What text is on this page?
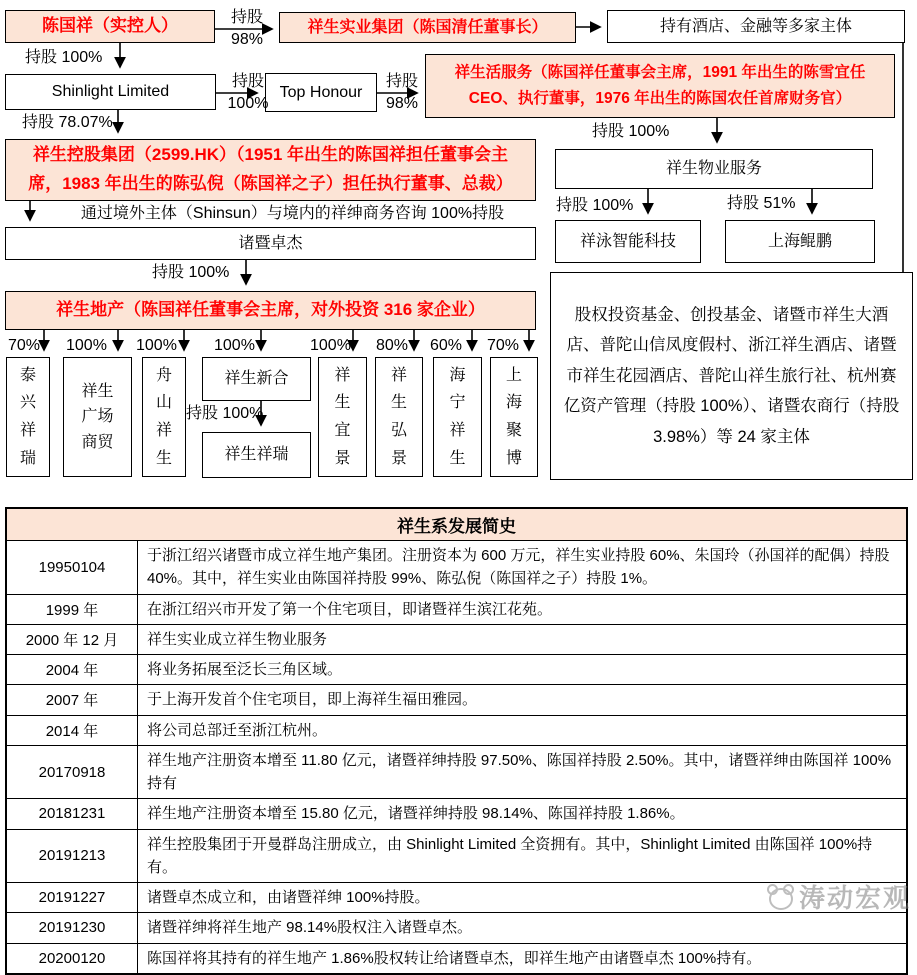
陈国祥（实控人）	持股 98%
祥生实业集团（陈国清任董事长）	持有酒店、金融等多家主体
持股 100%
Shinlight Limited
持股 100%
Top Honour
持股 98%
祥生活服务（陈国祥任董事会主席，1991 年出生的陈雪宜任 CEO、执行董事，1976 年出生的陈国农任首席财务官）
持股 78.07%
祥生控股集团（2599.HK）（1951 年出生的陈国祥担任董事会主席，1983 年出生的陈弘倪（陈国祥之子）担任执行董事、总裁）
通过境外主体（Shinsun）与境内的祥绅商务咨询 100%持股
诸暨卓杰
持股 100%
祥生地产（陈国祥任董事会主席，对外投资 316 家企业）
持股 100%
祥生物业服务
持股 100%	持股 51%
祥泳智能科技	上海鲲鹏
股权投资基金、创投基金、诸暨市祥生大酒店、普陀山信凤度假村、浙江祥生酒店、诸暨市祥生花园酒店、普陀山祥生旅行社、杭州赛亿资产管理（持股 100%）、诸暨农商行（持股 3.98%）等 24 家主体
70% 100% 100% 100%	100% 80% 60% 70%
泰兴祥瑞
祥生广场商贸
舟山祥生
祥生新合
持股 100%
祥生祥瑞
祥生宜景
祥生弘景
海宁祥生
上海聚博
祥生系发展简史	
19950104	于浙江绍兴诸暨市成立祥生地产集团。注册资本为 600 万元，祥生实业持股 60%、朱国玲（孙国祥的配偶）持股 40%。其中，祥生实业由陈国祥持股 99%、陈弘倪（陈国祥之子）持股 1%。
1999 年	在浙江绍兴市开发了第一个住宅项目，即诸暨祥生滨江花苑。
2000 年 12 月	祥生实业成立祥生物业服务
2004 年	将业务拓展至泛长三角区域。
2007 年	于上海开发首个住宅项目，即上海祥生福田雅园。
2014 年	将公司总部迁至浙江杭州。
20170918	祥生地产注册资本增至 11.80 亿元，诸暨祥绅持股 97.50%、陈国祥持股 2.50%。其中，诸暨祥绅由陈国祥 100%持有
20181231	祥生地产注册资本增至 15.80 亿元，诸暨祥绅持股 98.14%、陈国祥持股 1.86%。
20191213	祥生控股集团于开曼群岛注册成立，由 Shinlight Limited 全资拥有。其中，Shinlight Limited 由陈国祥 100%持有。
20191227	诸暨卓杰成立和，由诸暨祥绅 100%持股。
20191230	诸暨祥绅将祥生地产 98.14%股权注入诸暨卓杰。
20200120	陈国祥将其持有的祥生地产 1.86%股权转让给诸暨卓杰，即祥生地产由诸暨卓杰 100%持有。
涛动宏观
